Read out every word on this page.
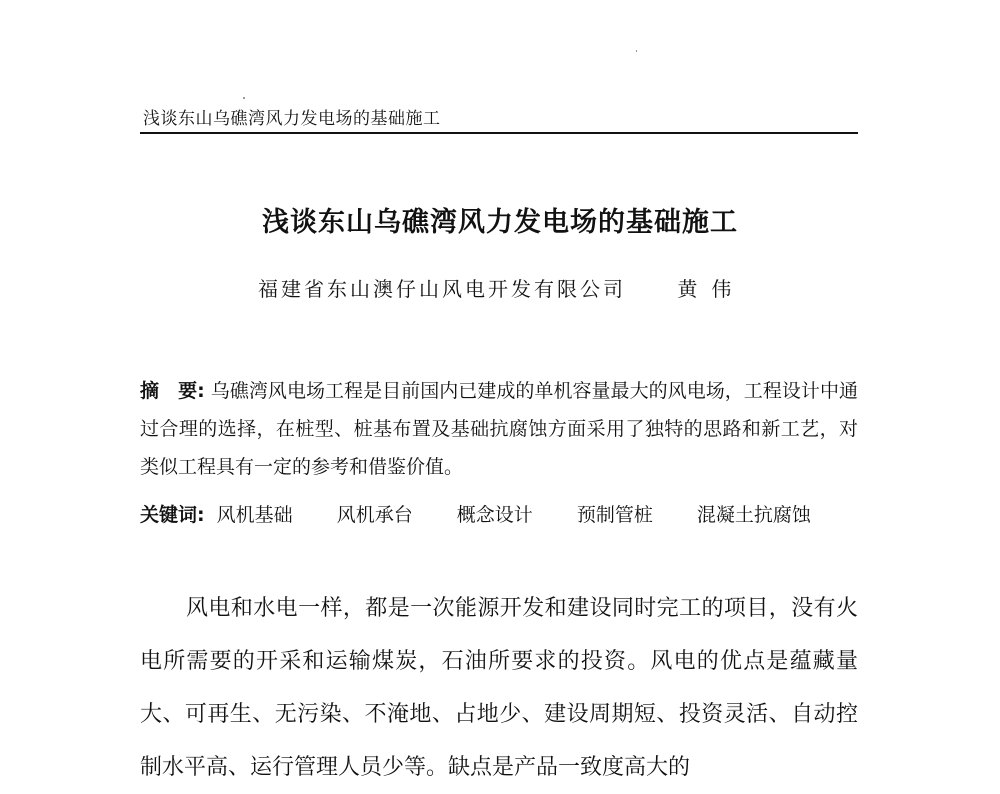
浅谈东山乌礁湾风力发电场的基础施工
浅谈东山乌礁湾风力发电场的基础施工
福建省东山澳仔山风电开发有限公司	黄伟
摘　要: 乌礁湾风电场工程是目前国内已建成的单机容量最大的风电场，工程设计中通过合理的选择，在桩型、桩基布置及基础抗腐蚀方面采用了独特的思路和新工艺，对类似工程具有一定的参考和借鉴价值。
关键词: 风机基础 风机承台 概念设计 预制管桩 混凝土抗腐蚀
风电和水电一样，都是一次能源开发和建设同时完工的项目，没有火电所需要的开采和运输煤炭，石油所要求的投资。风电的优点是蕴藏量大、可再生、无污染、不淹地、占地少、建设周期短、投资灵活、自动控制水平高、运行管理人员少等。缺点是产品一致度高大的
